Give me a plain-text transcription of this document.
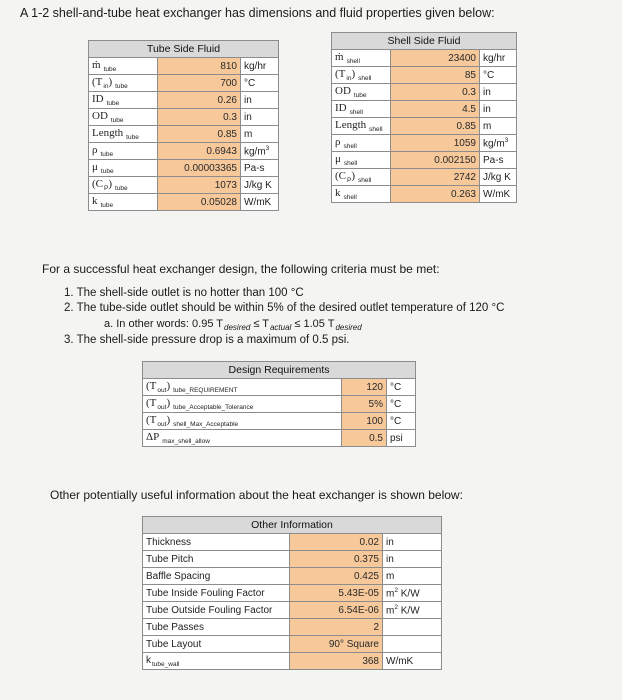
A 1-2 shell-and-tube heat exchanger has dimensions and fluid properties given below:
Tube Side Fluid		
ṁ $_{tube}$	810	kg/hr
$(T_{in})$ $_{tube}$	700	°C
ID $_{tube}$	0.26	in
OD $_{tube}$	0.3	in
Length $_{tube}$	0.85	m
ρ $_{tube}$	0.6943	$kg/m^3$
μ $_{tube}$	0.00003365	Pa-s
$(C_P)$ $_{tube}$	1073	J/kg K
k $_{tube}$	0.05028	W/mK
Shell Side Fluid		
ṁ $_{shell}$	23400	kg/hr
$(T_{in})$ $_{shell}$	85	°C
OD $_{tube}$	0.3	in
ID $_{shell}$	4.5	in
Length $_{shell}$	0.85	m
ρ $_{shell}$	1059	$kg/m^3$
μ $_{shell}$	0.002150	Pa-s
$(C_P)$ $_{shell}$	2742	J/kg K
k $_{shell}$	0.263	W/mK
For a successful heat exchanger design, the following criteria must be met:
1. The shell-side outlet is no hotter than 100 °C
2. The tube-side outlet should be within 5% of the desired outlet temperature of 120 °C
a. In other words: 0.95 $T_{desired} \le T_{actual} \le 1.05$ $T_{desired}$
3. The shell-side pressure drop is a maximum of 0.5 psi.
Design Requirements		
$(T_{out})$ $_{tube\_REQUIREMENT}$	120	°C
$(T_{out})$ $_{tube\_Acceptable\_Tolerance}$	5%	°C
$(T_{out})$ $_{shell\_Max\_Acceptable}$	100	°C
ΔP $_{max\_shell\_allow}$	0.5	psi
Other potentially useful information about the heat exchanger is shown below:
Other Information		
Thickness	0.02	in
Tube Pitch	0.375	in
Baffle Spacing	0.425	m
Tube Inside Fouling Factor	5.43E-05	$m^2$ K/W
Tube Outside Fouling Factor	6.54E-06	$m^2$ K/W
Tube Passes	2	
Tube Layout	90° Square	
$k_{tube\_wall}$	368	W/mK
